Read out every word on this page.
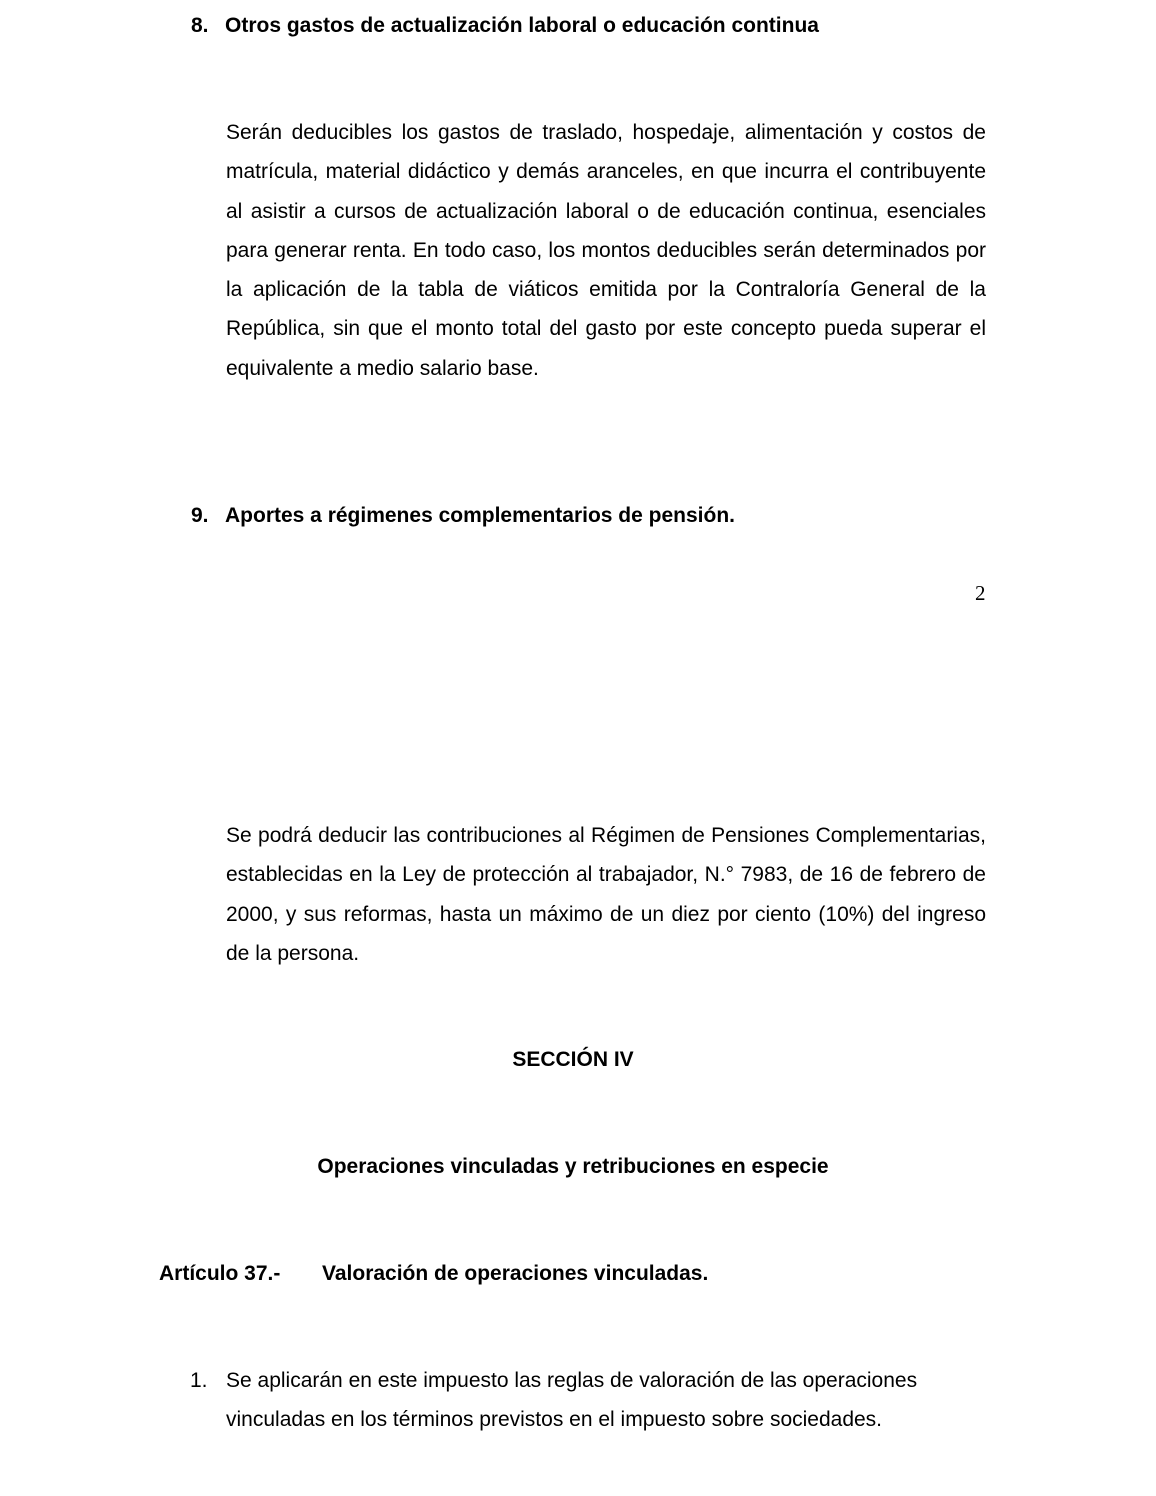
8. Otros gastos de actualización laboral o educación continua
Serán deducibles los gastos de traslado, hospedaje, alimentación y costos de matrícula, material didáctico y demás aranceles, en que incurra el contribuyente al asistir a cursos de actualización laboral o de educación continua, esenciales para generar renta. En todo caso, los montos deducibles serán determinados por la aplicación de la tabla de viáticos emitida por la Contraloría General de la República, sin que el monto total del gasto por este concepto pueda superar el equivalente a medio salario base.
9. Aportes a régimenes complementarios de pensión.
2
Se podrá deducir las contribuciones al Régimen de Pensiones Complementarias, establecidas en la Ley de protección al trabajador, N.° 7983, de 16 de febrero de 2000, y sus reformas, hasta un máximo de un diez por ciento (10%) del ingreso de la persona.
SECCIÓN IV
Operaciones vinculadas y retribuciones en especie
Artículo 37.- Valoración de operaciones vinculadas.
1. Se aplicarán en este impuesto las reglas de valoración de las operaciones vinculadas en los términos previstos en el impuesto sobre sociedades.
